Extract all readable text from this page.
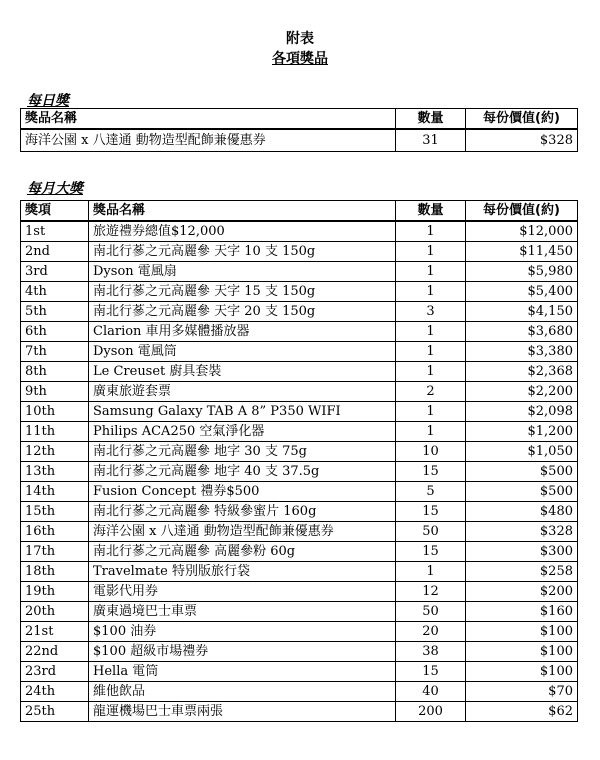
附表
各項獎品
每日獎
獎品名稱	數量	每份價值(約)
海洋公園 x 八達通 動物造型配飾兼優惠券	31	$328
每月大獎
獎項	獎品名稱	數量	每份價值(約)
1st	旅遊禮券總值$12,000	1	$12,000
2nd	南北行蔘之元高麗參 天字 10 支 150g	1	$11,450
3rd	Dyson 電風扇	1	$5,980
4th	南北行蔘之元高麗參 天字 15 支 150g	1	$5,400
5th	南北行蔘之元高麗參 天字 20 支 150g	3	$4,150
6th	Clarion 車用多媒體播放器	1	$3,680
7th	Dyson 電風筒	1	$3,380
8th	Le Creuset 廚具套裝	1	$2,368
9th	廣東旅遊套票	2	$2,200
10th	Samsung Galaxy TAB A 8” P350 WIFI	1	$2,098
11th	Philips ACA250 空氣淨化器	1	$1,200
12th	南北行蔘之元高麗參 地字 30 支 75g	10	$1,050
13th	南北行蔘之元高麗參 地字 40 支 37.5g	15	$500
14th	Fusion Concept 禮券$500	5	$500
15th	南北行蔘之元高麗參 特級參蜜片 160g	15	$480
16th	海洋公園 x 八達通 動物造型配飾兼優惠券	50	$328
17th	南北行蔘之元高麗參 高麗參粉 60g	15	$300
18th	Travelmate 特別版旅行袋	1	$258
19th	電影代用券	12	$200
20th	廣東過境巴士車票	50	$160
21st	$100 油券	20	$100
22nd	$100 超級市場禮券	38	$100
23rd	Hella 電筒	15	$100
24th	維他飲品	40	$70
25th	龍運機場巴士車票兩張	200	$62
